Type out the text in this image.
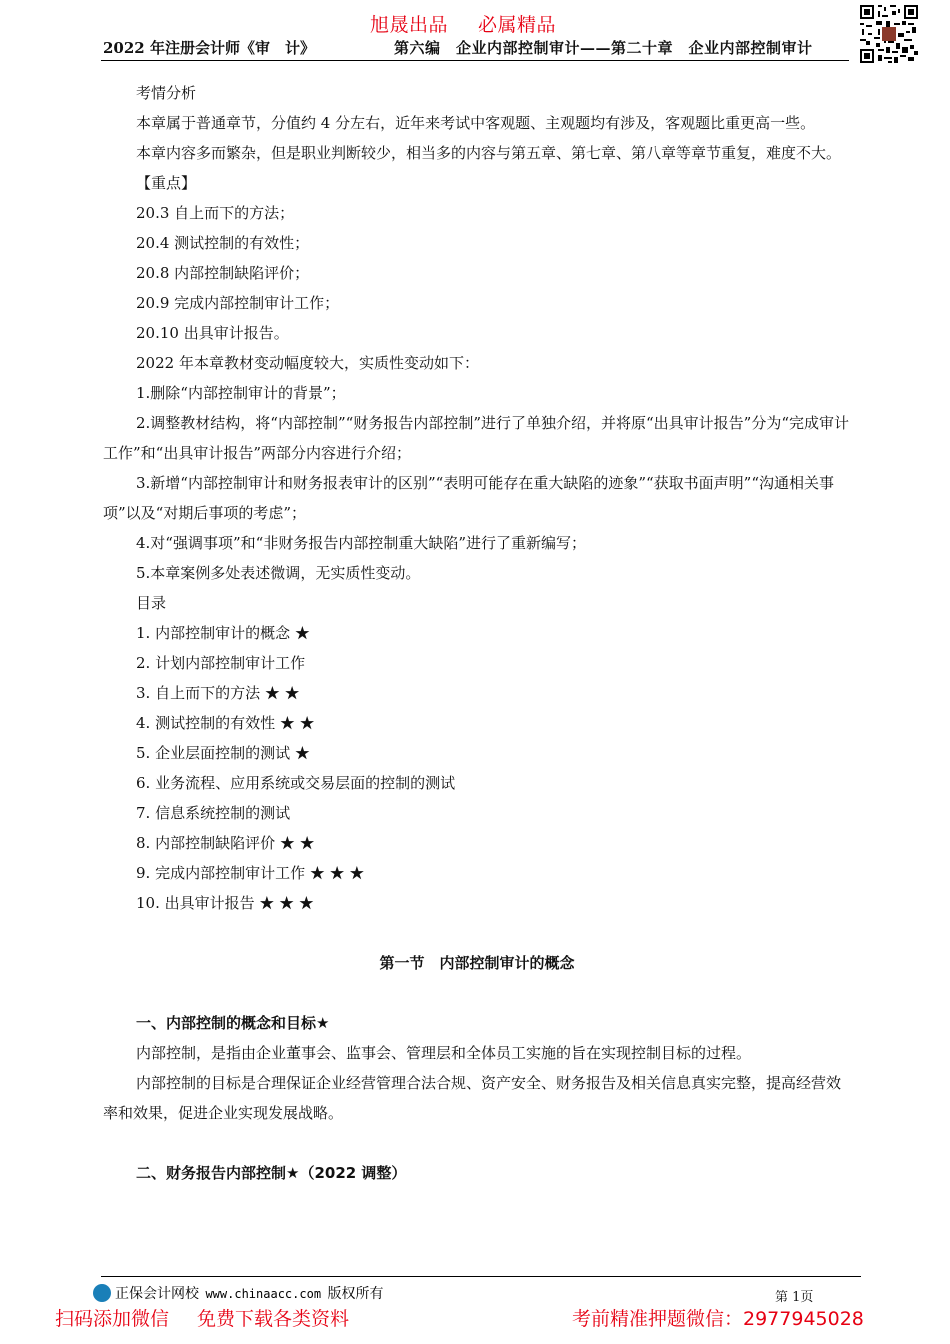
旭晟出品 必属精品
2022 年注册会计师《审　计》	第六编　企业内部控制审计——第二十章　企业内部控制审计

考情分析

本章属于普通章节，分值约 4 分左右，近年来考试中客观题、主观题均有涉及，客观题比重更高一些。

本章内容多而繁杂，但是职业判断较少，相当多的内容与第五章、第七章、第八章等章节重复，难度不大。

【重点】

20.3 自上而下的方法；

20.4 测试控制的有效性；

20.8 内部控制缺陷评价；

20.9 完成内部控制审计工作；

20.10 出具审计报告。

2022 年本章教材变动幅度较大，实质性变动如下：

1.删除“内部控制审计的背景”；

2.调整教材结构，将“内部控制”“财务报告内部控制”进行了单独介绍，并将原“出具审计报告”分为“完成审计工作”和“出具审计报告”两部分内容进行介绍；

3.新增“内部控制审计和财务报表审计的区别”“表明可能存在重大缺陷的迹象”“获取书面声明”“沟通相关事项”以及“对期后事项的考虑”；

4.对“强调事项”和“非财务报告内部控制重大缺陷”进行了重新编写；

5.本章案例多处表述微调，无实质性变动。

目录

1. 内部控制审计的概念 ★

2. 计划内部控制审计工作

3. 自上而下的方法 ★ ★

4. 测试控制的有效性 ★ ★

5. 企业层面控制的测试 ★

6. 业务流程、应用系统或交易层面的控制的测试

7. 信息系统控制的测试

8. 内部控制缺陷评价 ★ ★

9. 完成内部控制审计工作 ★ ★ ★

10. 出具审计报告 ★ ★ ★

第一节　内部控制审计的概念

一、内部控制的概念和目标★

内部控制，是指由企业董事会、监事会、管理层和全体员工实施的旨在实现控制目标的过程。

内部控制的目标是合理保证企业经营管理合法合规、资产安全、财务报告及相关信息真实完整，提高经营效率和效果，促进企业实现发展战略。

二、财务报告内部控制★（2022 调整）

正保会计网校 www.chinaacc.com 版权所有	第 1页
扫码添加微信 免费下载各类资料	考前精准押题微信：2977945028
